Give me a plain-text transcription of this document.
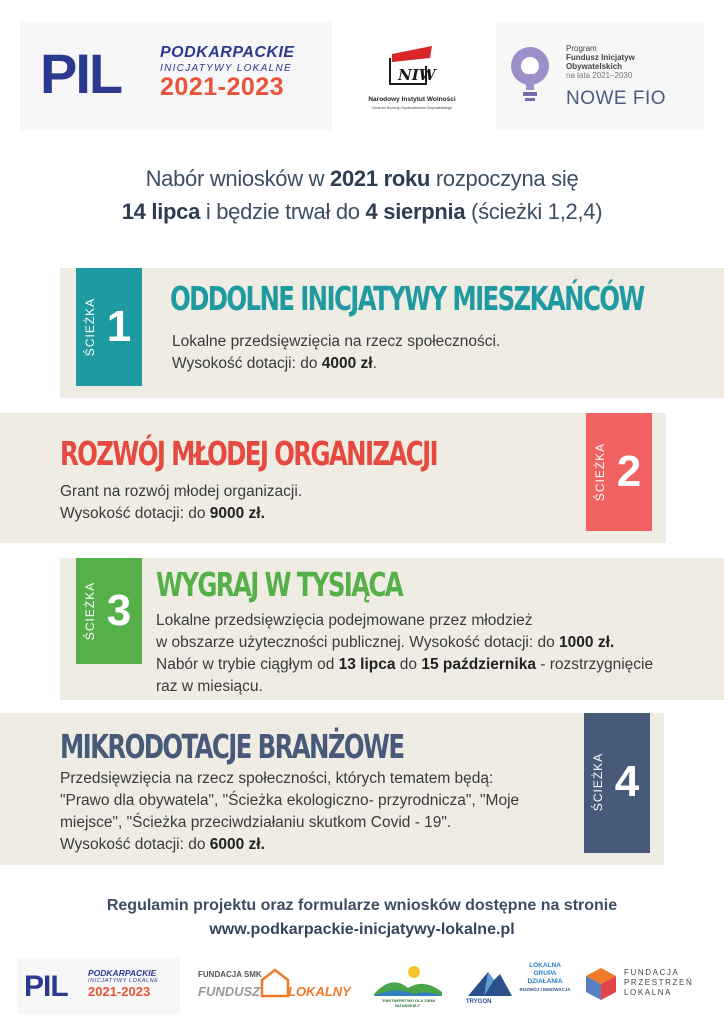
PIL PODKARPACKIE
INICJATYWY LOKALNE
2021-2023	NIW
Narodowy Instytut Wolności
Centrum Rozwoju Społeczeństwa Obywatelskiego
Program
Fundusz Inicjatyw
Obywatelskich
na lata 2021–2030
NOWE FIO
Nabór wniosków w 2021 roku rozpoczyna się
14 lipca i będzie trwał do 4 sierpnia (ścieżki 1,2,4)
ŚCIEŻKA 1
ODDOLNE INICJATYWY MIESZKAŃCÓW
Lokalne przedsięwzięcia na rzecz społeczności.
Wysokość dotacji: do 4000 zł.
ŚCIEŻKA 2
ROZWÓJ MŁODEJ ORGANIZACJI
Grant na rozwój młodej organizacji.
Wysokość dotacji: do 9000 zł.
ŚCIEŻKA 3
WYGRAJ W TYSIĄCA
Lokalne przedsięwzięcia podejmowane przez młodzież
w obszarze użyteczności publicznej. Wysokość dotacji: do 1000 zł.
Nabór w trybie ciągłym od 13 lipca do 15 października - rozstrzygnięcie
raz w miesiącu.
ŚCIEŻKA 4
MIKRODOTACJE BRANŻOWE
Przedsięwzięcia na rzecz społeczności, których tematem będą:
"Prawo dla obywatela", "Ścieżka ekologiczno- przyrodnicza", "Moje
miejsce", "Ścieżka przeciwdziałaniu skutkom Covid - 19".
Wysokość dotacji: do 6000 zł.
Regulamin projektu oraz formularze wniosków dostępne na stronie
www.podkarpackie-inicjatywy-lokalne.pl
PIL PODKARPACKIE
INICJATYWY LOKALNE
2021-2023
FUNDACJA SMK
FUNDUSZ LOKALNY
"PARTNERSTWO DLA ZIEMI NIŻAŃSKIEJ"
TRYGON
LOKALNA
GRUPA
DZIAŁANIA
ROZWÓJ I INNOWACJA
FUNDACJA
PRZESTRZEŃ
LOKALNA
